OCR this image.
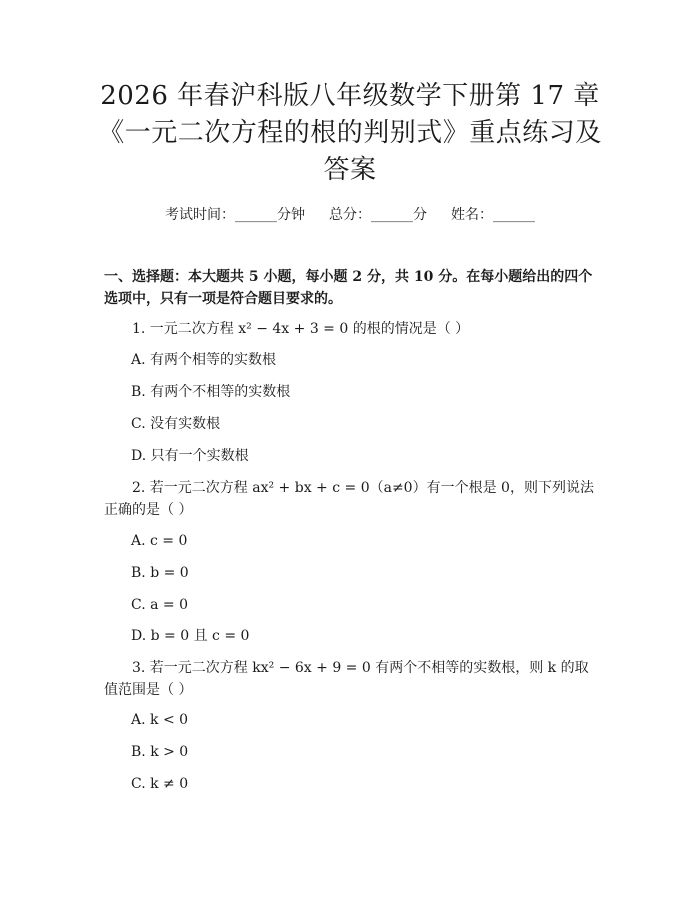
2026 年春沪科版八年级数学下册第 17 章
《一元二次方程的根的判别式》重点练习及
答案
考试时间：______分钟 总分：______分 姓名：______
一、选择题：本大题共 5 小题，每小题 2 分，共 10 分。在每小题给出的四个选项中，只有一项是符合题目要求的。
1. 一元二次方程 x² − 4x + 3 = 0 的根的情况是（ ）
A. 有两个相等的实数根
B. 有两个不相等的实数根
C. 没有实数根
D. 只有一个实数根
2. 若一元二次方程 ax² + bx + c = 0（a≠0）有一个根是 0，则下列说法正确的是（ ）
A. c = 0
B. b = 0
C. a = 0
D. b = 0 且 c = 0
3. 若一元二次方程 kx² − 6x + 9 = 0 有两个不相等的实数根，则 k 的取值范围是（ ）
A. k < 0
B. k > 0
C. k ≠ 0
